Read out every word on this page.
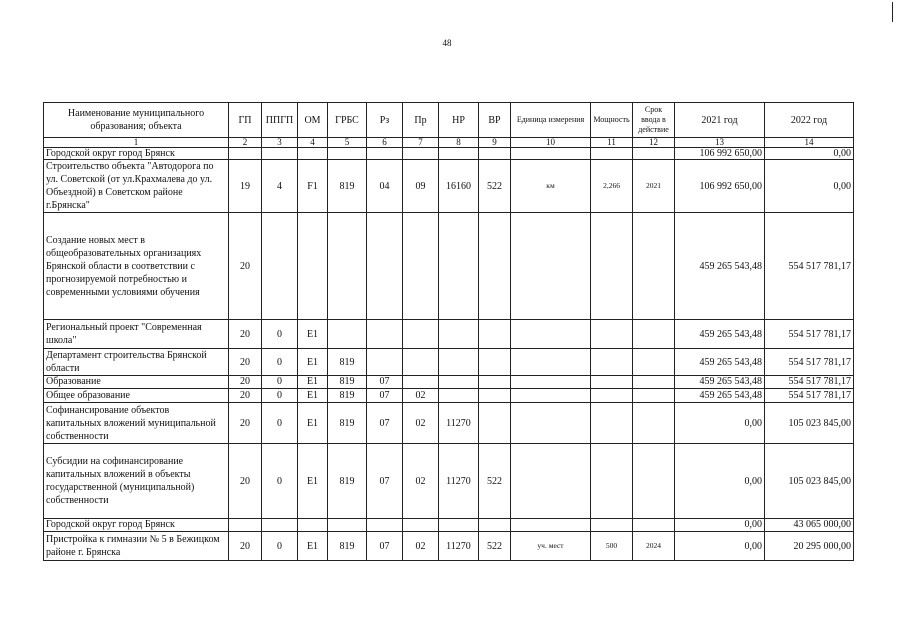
48
Наименование муниципального образования; объекта	ГП	ППГП	ОМ	ГРБС	Рз	Пр	НР	ВР	Единица измерения	Мощность	Срок ввода в действие	2021 год	2022 год
1	2	3	4	5	6	7	8	9	10	11	12	13	14
Городской округ город Брянск												106 992 650,00	0,00
Строительство объекта "Автодорога по ул. Советской (от ул.Крахмалева до ул. Объездной) в Советском районе г.Брянска"	19	4	F1	819	04	09	16160	522	км	2,266	2021	106 992 650,00	0,00
Создание новых мест в общеобразовательных организациях Брянской области в соответствии с прогнозируемой потребностью и современными условиями обучения	20											459 265 543,48	554 517 781,17
Региональный проект "Современная школа"	20	0	E1									459 265 543,48	554 517 781,17
Департамент строительства Брянской области	20	0	E1	819								459 265 543,48	554 517 781,17
Образование	20	0	E1	819	07							459 265 543,48	554 517 781,17
Общее образование	20	0	E1	819	07	02						459 265 543,48	554 517 781,17
Софинансирование объектов капитальных вложений муниципальной собственности	20	0	E1	819	07	02	11270					0,00	105 023 845,00
Субсидии на софинансирование капитальных вложений в объекты государственной (муниципальной) собственности	20	0	E1	819	07	02	11270	522				0,00	105 023 845,00
Городской округ город Брянск												0,00	43 065 000,00
Пристройка к гимназии № 5 в Бежицком районе г. Брянска	20	0	E1	819	07	02	11270	522	уч. мест	500	2024	0,00	20 295 000,00
